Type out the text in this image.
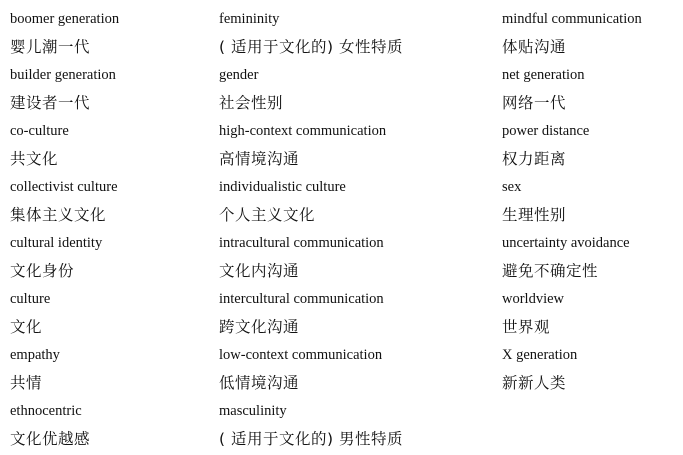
boomer generation
婴儿潮一代
builder generation
建设者一代
co-culture
共文化
collectivist culture
集体主义文化
cultural identity
文化身份
culture
文化
empathy
共情
ethnocentric
文化优越感
femininity
( 适用于文化的) 女性特质
gender
社会性别
high-context communication
高情境沟通
individualistic culture
个人主义文化
intracultural communication
文化内沟通
intercultural communication
跨文化沟通
low-context communication
低情境沟通
masculinity
( 适用于文化的) 男性特质
mindful communication
体贴沟通
net generation
网络一代
power distance
权力距离
sex
生理性别
uncertainty avoidance
避免不确定性
worldview
世界观
X generation
新新人类
